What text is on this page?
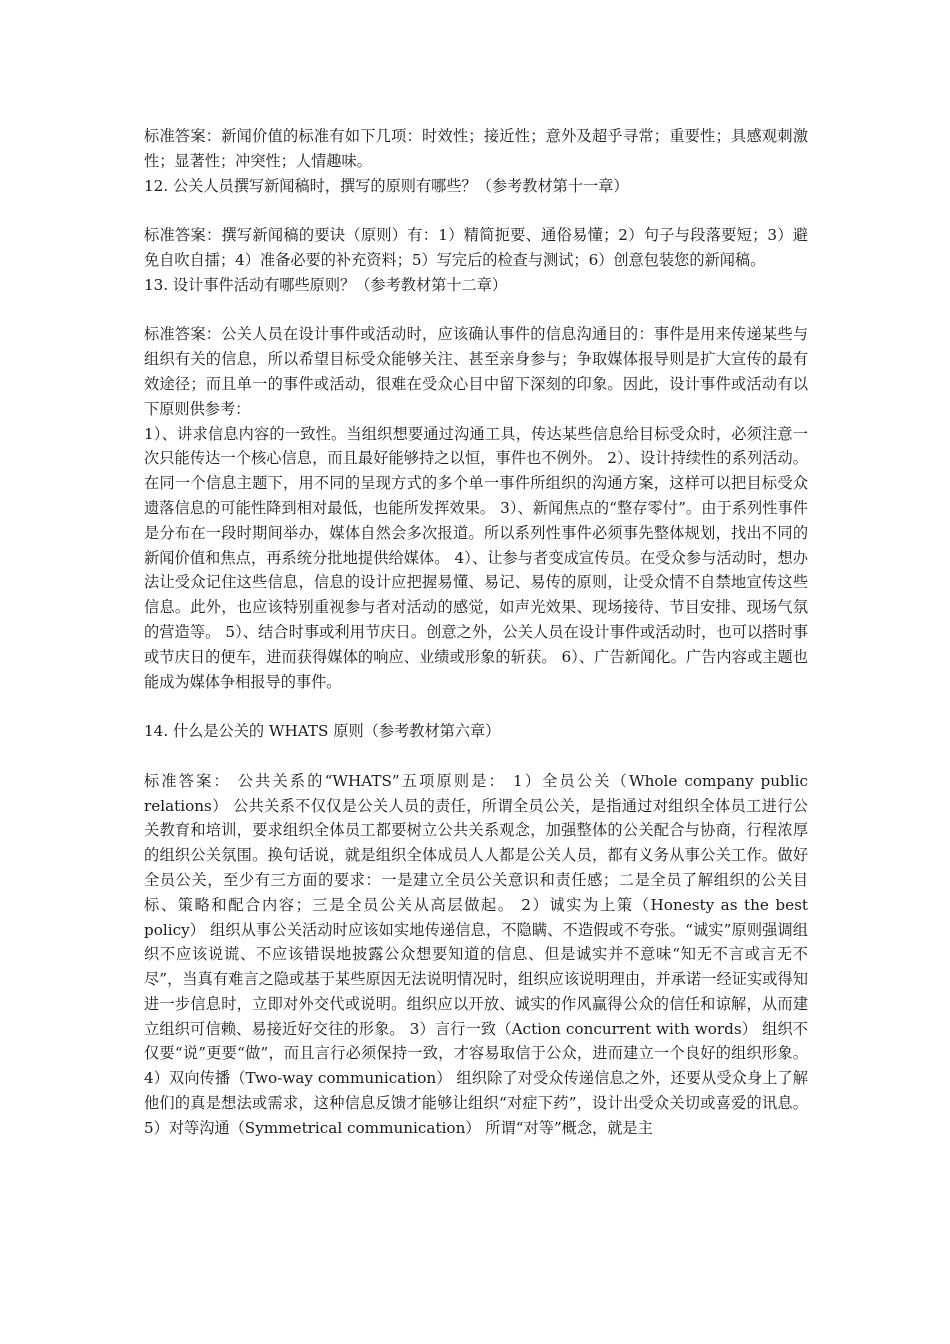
标准答案：新闻价值的标准有如下几项：时效性；接近性；意外及超乎寻常；重要性；具感观刺激性；显著性；冲突性；人情趣味。

12. 公关人员撰写新闻稿时，撰写的原则有哪些？（参考教材第十一章）

标准答案：撰写新闻稿的要诀（原则）有：1）精简扼要、通俗易懂；2）句子与段落要短；3）避免自吹自擂；4）准备必要的补充资料；5）写完后的检查与测试；6）创意包装您的新闻稿。

13. 设计事件活动有哪些原则？（参考教材第十二章）

标准答案：公关人员在设计事件或活动时，应该确认事件的信息沟通目的：事件是用来传递某些与组织有关的信息，所以希望目标受众能够关注、甚至亲身参与；争取媒体报导则是扩大宣传的最有效途径；而且单一的事件或活动，很难在受众心目中留下深刻的印象。因此，设计事件或活动有以下原则供参考：

1）、讲求信息内容的一致性。当组织想要通过沟通工具，传达某些信息给目标受众时，必须注意一次只能传达一个核心信息，而且最好能够持之以恒，事件也不例外。 2）、设计持续性的系列活动。在同一个信息主题下，用不同的呈现方式的多个单一事件所组织的沟通方案，这样可以把目标受众遗落信息的可能性降到相对最低，也能所发挥效果。 3）、新闻焦点的“整存零付”。由于系列性事件是分布在一段时期间举办，媒体自然会多次报道。所以系列性事件必须事先整体规划，找出不同的新闻价值和焦点，再系统分批地提供给媒体。 4）、让参与者变成宣传员。在受众参与活动时，想办法让受众记住这些信息，信息的设计应把握易懂、易记、易传的原则，让受众情不自禁地宣传这些信息。此外，也应该特别重视参与者对活动的感觉，如声光效果、现场接待、节目安排、现场气氛的营造等。 5）、结合时事或利用节庆日。创意之外，公关人员在设计事件或活动时，也可以搭时事或节庆日的便车，进而获得媒体的响应、业绩或形象的斩获。 6）、广告新闻化。广告内容或主题也能成为媒体争相报导的事件。

14. 什么是公关的 WHATS 原则（参考教材第六章）

标准答案： 公共关系的“WHATS”五项原则是： 1）全员公关（Whole company public relations） 公共关系不仅仅是公关人员的责任，所谓全员公关，是指通过对组织全体员工进行公关教育和培训，要求组织全体员工都要树立公共关系观念，加强整体的公关配合与协商，行程浓厚的组织公关氛围。换句话说，就是组织全体成员人人都是公关人员，都有义务从事公关工作。做好全员公关，至少有三方面的要求：一是建立全员公关意识和责任感；二是全员了解组织的公关目标、策略和配合内容；三是全员公关从高层做起。 2）诚实为上策（Honesty as the best policy） 组织从事公关活动时应该如实地传递信息，不隐瞒、不造假或不夸张。“诚实”原则强调组织不应该说谎、不应该错误地披露公众想要知道的信息、但是诚实并不意味“知无不言或言无不尽”，当真有难言之隐或基于某些原因无法说明情况时，组织应该说明理由，并承诺一经证实或得知进一步信息时，立即对外交代或说明。组织应以开放、诚实的作风赢得公众的信任和谅解，从而建立组织可信赖、易接近好交往的形象。 3）言行一致（Action concurrent with words） 组织不仅要“说”更要“做”，而且言行必须保持一致，才容易取信于公众，进而建立一个良好的组织形象。 4）双向传播（Two-way communication） 组织除了对受众传递信息之外，还要从受众身上了解他们的真是想法或需求，这种信息反馈才能够让组织“对症下药”，设计出受众关切或喜爱的讯息。 5）对等沟通（Symmetrical communication） 所谓“对等”概念，就是主
